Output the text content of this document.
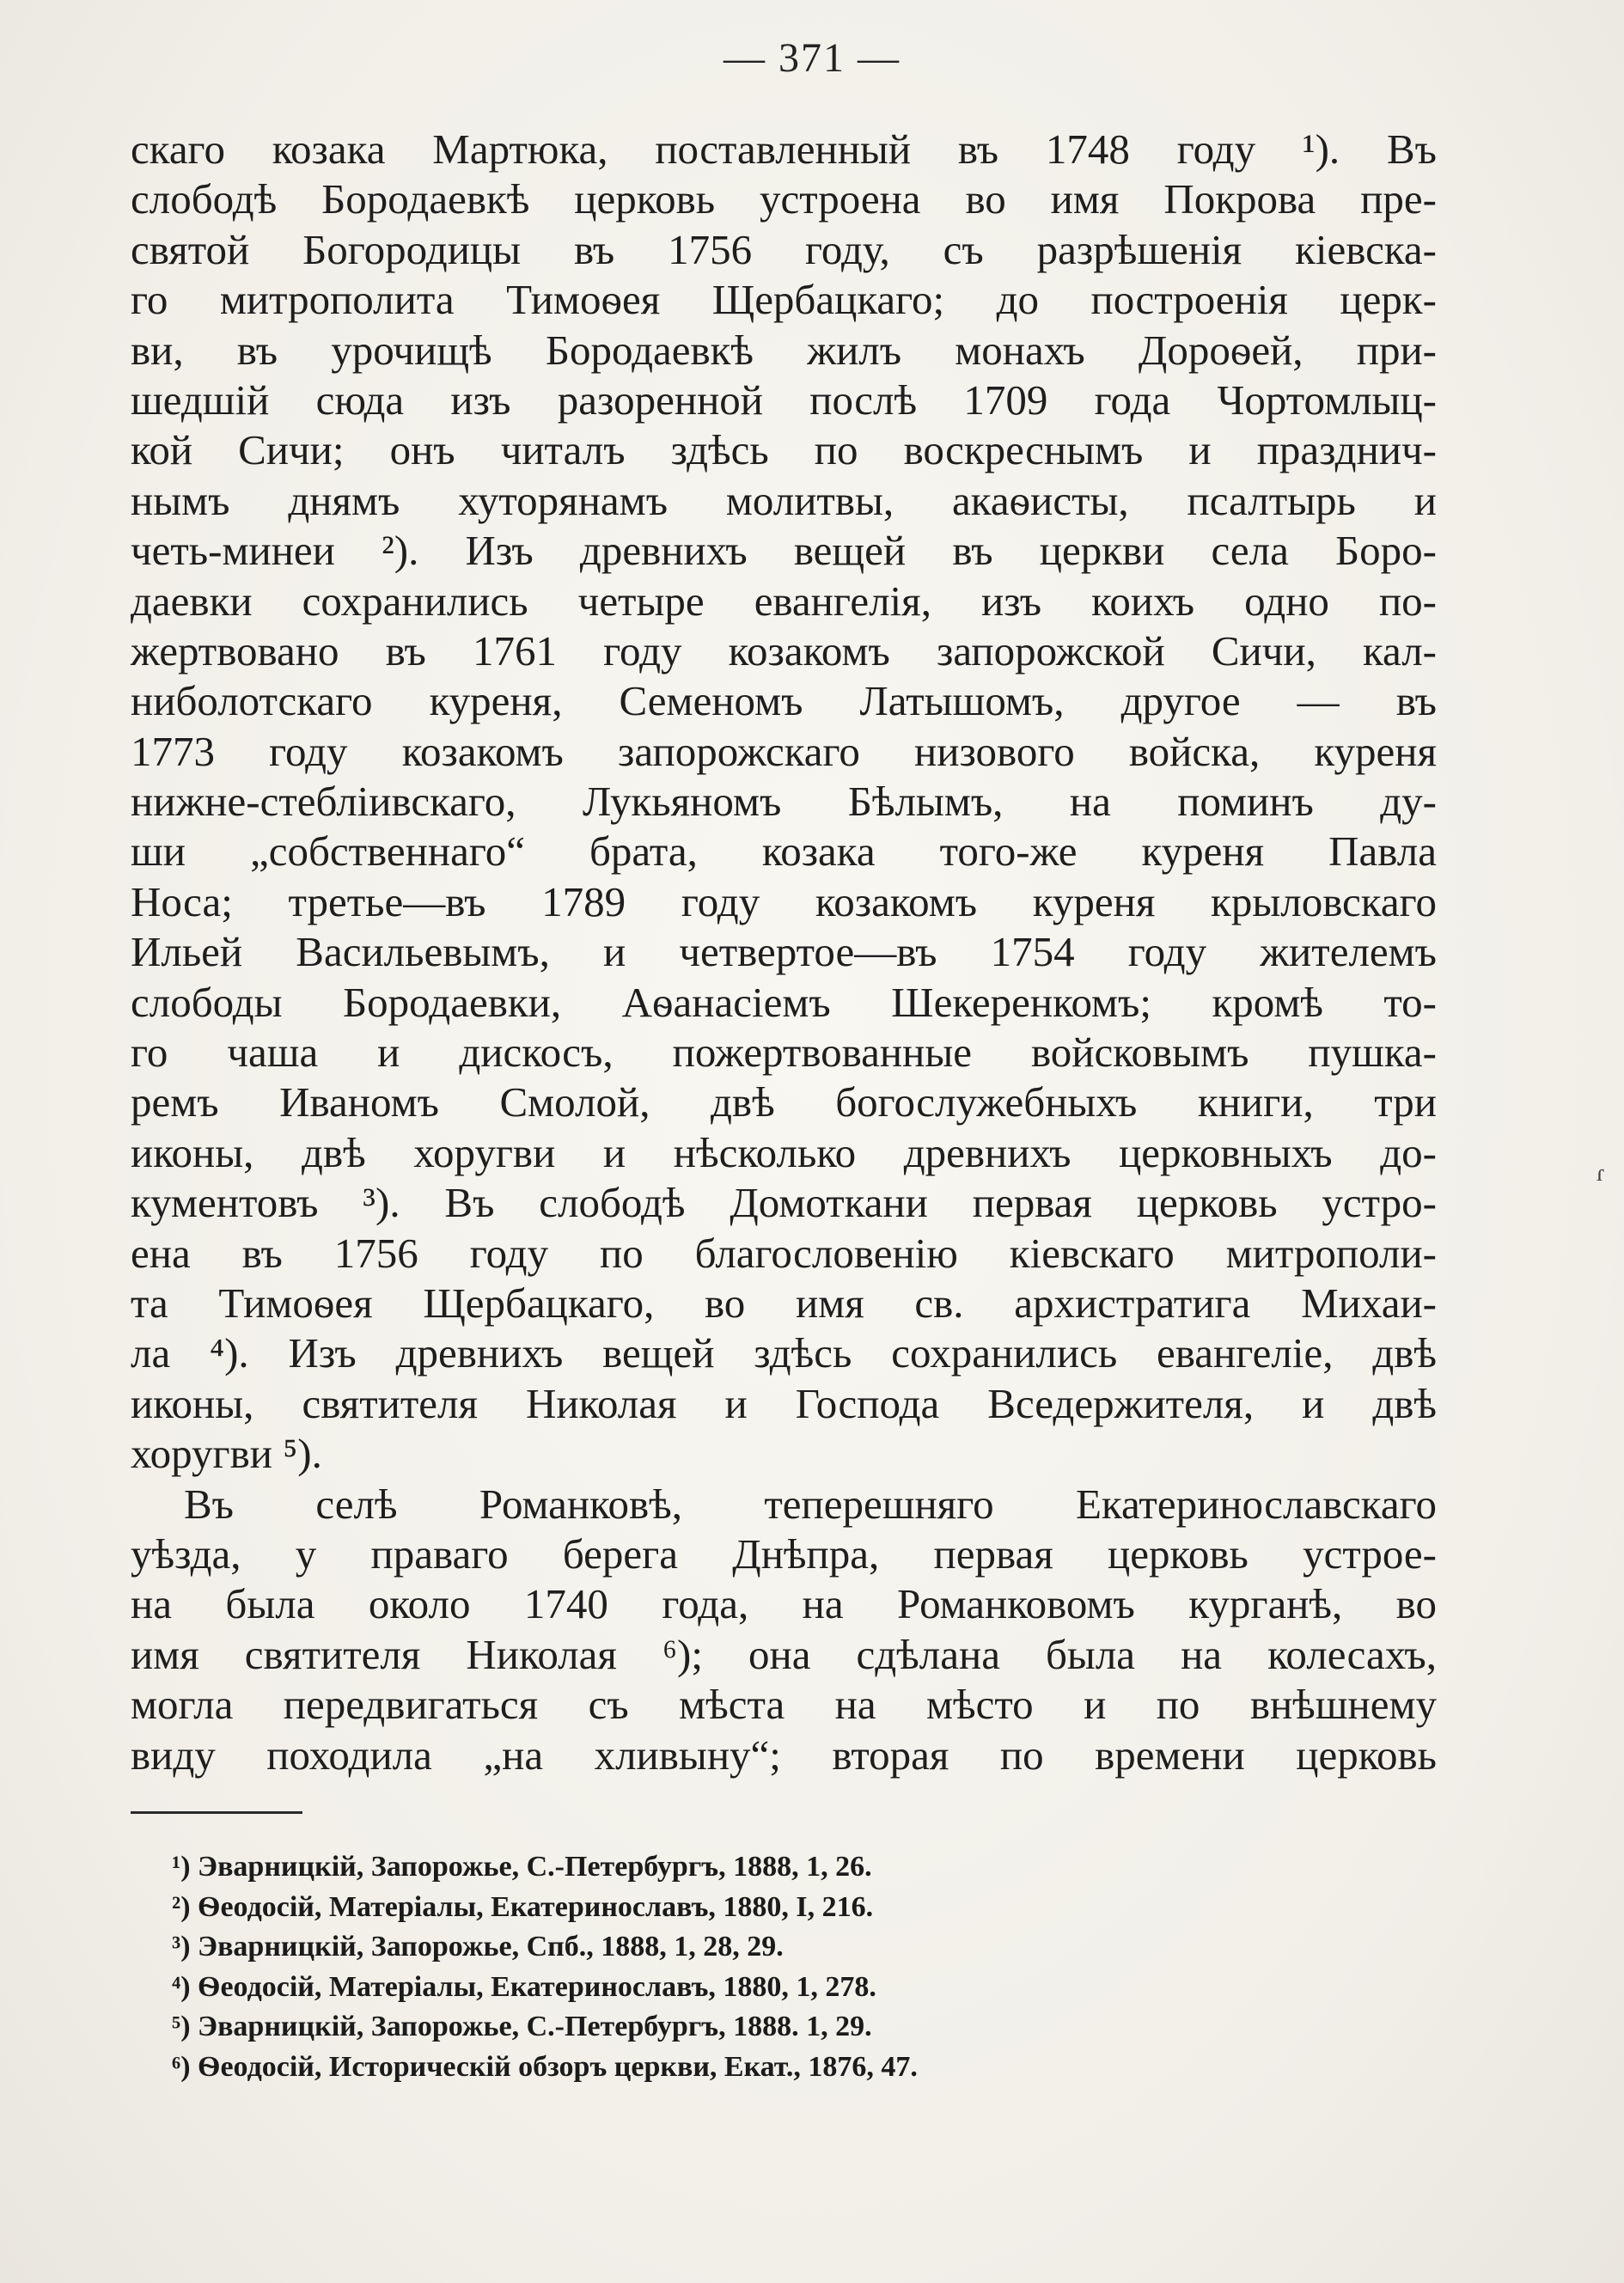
— 371 —
скаго козака Мартюка, поставленный въ 1748 году ¹). Въ
слободѣ Бородаевкѣ церковь устроена во имя Покрова пре-
святой Богородицы въ 1756 году, съ разрѣшенія кіевска-
го митрополита Тимоѳея Щербацкаго; до построенія церк-
ви, въ урочищѣ Бородаевкѣ жилъ монахъ Дороѳей, при-
шедшій сюда изъ разоренной послѣ 1709 года Чортомлыц-
кой Сичи; онъ читалъ здѣсь по воскреснымъ и празднич-
нымъ днямъ хуторянамъ молитвы, акаѳисты, псалтырь и
четь-минеи ²). Изъ древнихъ вещей въ церкви села Боро-
даевки сохранились четыре евангелія, изъ коихъ одно по-
жертвовано въ 1761 году козакомъ запорожской Сичи, кал-
ниболотскаго куреня, Семеномъ Латышомъ, другое — въ
1773 году козакомъ запорожскаго низового войска, куреня
нижне-стебліивскаго, Лукьяномъ Бѣлымъ, на поминъ ду-
ши „собственнаго“ брата, козака того-же куреня Павла
Носа; третье—въ 1789 году козакомъ куреня крыловскаго
Ильей Васильевымъ, и четвертое—въ 1754 году жителемъ
слободы Бородаевки, Аѳанасіемъ Шекеренкомъ; кромѣ то-
го чаша и дискосъ, пожертвованные войсковымъ пушка-
ремъ Иваномъ Смолой, двѣ богослужебныхъ книги, три
иконы, двѣ хоругви и нѣсколько древнихъ церковныхъ до-
кументовъ ³). Въ слободѣ Домоткани первая церковь устро-
ена въ 1756 году по благословенію кіевскаго митрополи-
та Тимоѳея Щербацкаго, во имя св. архистратига Михаи-
ла ⁴). Изъ древнихъ вещей здѣсь сохранились евангеліе, двѣ
иконы, святителя Николая и Господа Вседержителя, и двѣ
хоругви ⁵).
Въ селѣ Романковѣ, теперешняго Екатеринославскаго
уѣзда, у праваго берега Днѣпра, первая церковь устрое-
на была около 1740 года, на Романковомъ курганѣ, во
имя святителя Николая ⁶); она сдѣлана была на колесахъ,
могла передвигаться съ мѣста на мѣсто и по внѣшнему
виду походила „на хливыну“; вторая по времени церковь
¹) Эварницкій, Запорожье, С.-Петербургъ, 1888, 1, 26.
²) Ѳеодосій, Матеріалы, Екатеринославъ, 1880, I, 216.
³) Эварницкій, Запорожье, Спб., 1888, 1, 28, 29.
⁴) Ѳеодосій, Матеріалы, Екатеринославъ, 1880, 1, 278.
⁵) Эварницкій, Запорожье, С.-Петербургъ, 1888. 1, 29.
⁶) Ѳеодосій, Историческій обзоръ церкви, Екат., 1876, 47.
ɾ
